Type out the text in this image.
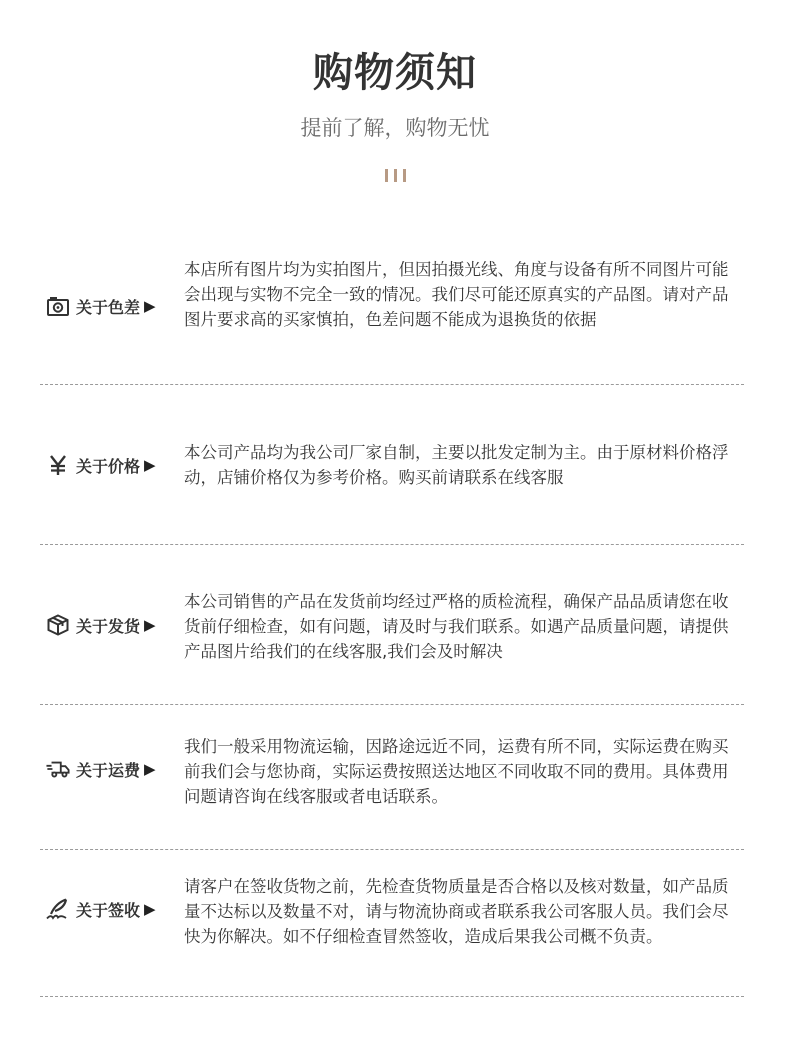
购物须知
提前了解，购物无忧
关于色差 ▶
本店所有图片均为实拍图片，但因拍摄光线、角度与设备有所不同图片可能会出现与实物不完全一致的情况。我们尽可能还原真实的产品图。请对产品图片要求高的买家慎拍，色差问题不能成为退换货的依据
关于价格 ▶
本公司产品均为我公司厂家自制，主要以批发定制为主。由于原材料价格浮动，店铺价格仅为参考价格。购买前请联系在线客服
关于发货 ▶
本公司销售的产品在发货前均经过严格的质检流程，确保产品品质请您在收货前仔细检查，如有问题，请及时与我们联系。如遇产品质量问题，请提供产品图片给我们的在线客服,我们会及时解决
关于运费 ▶
我们一般采用物流运输，因路途远近不同，运费有所不同，实际运费在购买前我们会与您协商，实际运费按照送达地区不同收取不同的费用。具体费用问题请咨询在线客服或者电话联系。
关于签收 ▶
请客户在签收货物之前，先检查货物质量是否合格以及核对数量，如产品质量不达标以及数量不对，请与物流协商或者联系我公司客服人员。我们会尽快为你解决。如不仔细检查冒然签收，造成后果我公司概不负责。
